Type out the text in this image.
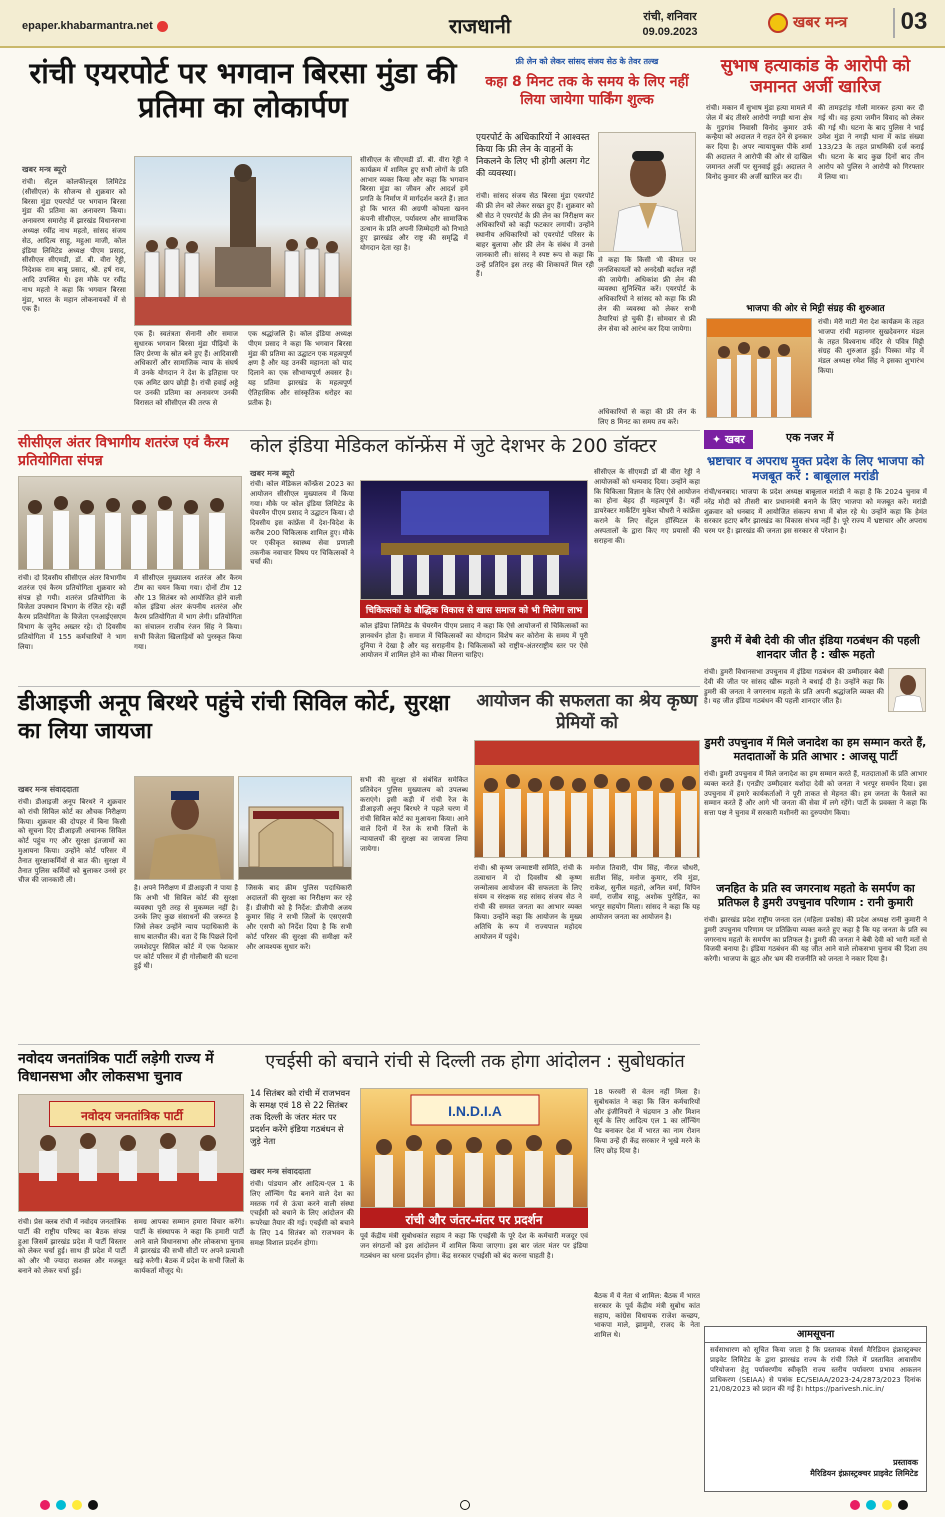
epaper.khabarmantra.net	राजधानी	रांची, शनिवार
09.09.2023
खबर मन्त्र	03
रांची एयरपोर्ट पर भगवान बिरसा मुंडा की प्रतिमा का लोकार्पण
खबर मन्त्र ब्यूरो
रांची। सेंट्रल कोलफील्ड्स लिमिटेड (सीसीएल) के सौजन्य से शुक्रवार को बिरसा मुंडा एयरपोर्ट पर भगवान बिरसा मुंडा की प्रतिमा का अनावरण किया। अनावरण समारोह में झारखंड विधानसभा अध्यक्ष रवींद्र नाथ महतो, सांसद संजय सेठ, आदित्य साहू, महुआ माजी, कोल इंडिया लिमिटेड अध्यक्ष पीएम प्रसाद, सीसीएल सीएमडी, डॉ. बी. वीरा रेड्डी, निदेशक राम बाबू प्रसाद, श्री. हर्ष राय, आदि उपस्थित थे। इस मौके पर रवींद्र नाथ महतो ने कहा कि भगवान बिरसा मुंडा, भारत के महान लोकनायकों में से एक हैं।
एक हैं। स्वतंत्रता सेनानी और समाज सुधारक भगवान बिरसा मुंडा पीढ़ियों के लिए प्रेरणा के स्रोत बने हुए हैं। आदिवासी अधिकारों और सामाजिक न्याय के संघर्ष में उनके योगदान ने देश के इतिहास पर एक अमिट छाप छोड़ी है। रांची हवाई अड्डे पर उनकी प्रतिमा का अनावरण उनकी विरासत को सीसीएल की तरफ से
एक श्रद्धांजलि है। कोल इंडिया अध्यक्ष पीएम प्रसाद ने कहा कि भगवान बिरसा मुंडा की प्रतिमा का उद्घाटन एक महत्वपूर्ण क्षण है और यह उनकी महानता को याद दिलाने का एक सौभाग्यपूर्ण अवसर है। यह प्रतिमा झारखंड के महत्वपूर्ण ऐतिहासिक और सांस्कृतिक धरोहर का प्रतीक है।
सीसीएल के सीएमडी डॉ. बी. वीरा रेड्डी ने कार्यक्रम में शामिल हुए सभी लोगों के प्रति आभार व्यक्त किया और कहा कि भगवान बिरसा मुंडा का जीवन और आदर्श हमें प्रगति के निर्माण में मार्गदर्शन करते हैं। ज्ञात हो कि भारत की अग्रणी कोयला खनन कंपनी सीसीएल, पर्यावरण और सामाजिक उत्थान के प्रति अपनी जिम्मेदारी को निभाते हुए झारखंड और राष्ट्र की समृद्धि में योगदान देता रहा है।
फ्री लेन को लेकर सांसद संजय सेठ के तेवर तल्ख
कहा 8 मिनट तक के समय के लिए नहीं लिया जायेगा पार्किंग शुल्क
एयरपोर्ट के अधिकारियों ने आश्वस्त किया कि फ्री लेन के वाहनों के निकलने के लिए भी होगी अलग गेट की व्यवस्था।
रांची। सांसद संजय सेठ बिरसा मुंडा एयरपोर्ट की फ्री लेन को लेकर सख्त हुए हैं। शुक्रवार को श्री सेठ ने एयरपोर्ट के फ्री लेन का निरीक्षण कर अधिकारियों को कड़ी फटकार लगायी। उन्होंने स्थानीय अधिकारियों को एयरपोर्ट परिसर के बाहर बुलाया और फ्री लेन के संबंध में उनसे जानकारी ली। सांसद ने स्पष्ट रूप से कहा कि उन्हें प्रतिदिन इस तरह की शिकायतें मिल रही हैं।
से कहा कि किसी भी कीमत पर जनशिकायतों को अनदेखी बर्दाश्त नहीं की जायेगी। अधिकांश फ्री लेन की व्यवस्था सुनिश्चित करें। एयरपोर्ट के अधिकारियों ने सांसद को कहा कि फ्री लेन की व्यवस्था को लेकर सभी तैयारियां हो चुकी हैं। सोमवार से फ्री लेन सेवा को आरंभ कर दिया जायेगा।
अधिकारियों से कहा की फ्री लेन के लिए 8 मिनट का समय तय करें।
सुभाष हत्याकांड के आरोपी को जमानत अर्जी खारिज
रांची। मकान मेंं सुभाष मुंडा हत्या मामले में जेल में बंद तीसरे आरोपी नगड़ी थाना क्षेत्र के गुड़गांव निवासी विनोद कुमार उर्फ कन्हैया को अदालत ने राहत देने से इनकार कर दिया है। अपर न्यायायुक्त पीके शर्मा की अदालत ने आरोपी की ओर से दाखिल जमानत अर्जी पर सुनवाई हुई। अदालत ने विनोद कुमार की अर्जी खारिज कर दी।
की तामड़टांड़ गोली मारकर हत्या कर दी गई थी। वह हत्या जमीन विवाद को लेकर की गई थी। घटना के बाद पुलिस ने भाई उमेश मुंडा ने नगड़ी थाना में कांड संख्या 133/23 के तहत प्राथमिकी दर्ज कराई थी। घटना के बाद कुछ दिनों बाद तीन आरोप को पुलिस ने आरोपी को गिरफ्तार में लिया था।
भाजपा की ओर से मिट्टी संग्रह की शुरुआत
रांची। मेरी माटी मेरा देश कार्यक्रम के तहत भाजपा रांची महानगर सुखदेवनगर मंडल के तहत विश्वनाथ मंदिर से पवित्र मिट्टी संग्रह की शुरुआत हुई। पिस्का मोड़ में मंडल अध्यक्ष रमेश सिंह ने इसका शुभारंभ किया।
सीसीएल अंतर विभागीय शतरंज एवं कैरम प्रतियोगिता संपन्न
रांची। दो दिवसीय सीसीएल अंतर विभागीय शतरंज एवं कैरम प्रतियोगिता शुक्रवार को संपन्न हो गयी। शतरंज प्रतियोगिता के विजेता उपस्थान विभाग के रंजित रहे। वहीं कैरम प्रतियोगिता के विजेता एनआईएसएम विभाग के जुनैद अख्तर रहे। दो दिवसीय प्रतियोगिता में 155 कर्मचारियों ने भाग लिया।
में सीसीएल मुख्यालय शतरंज और कैरम टीम का चयन किया गया। दोनों टीम 12 और 13 सितंबर को आयोजित होने वाली कोल इंडिया अंतर कंपनीय शतरंज और कैरम प्रतियोगिता में भाग लेगी। प्रतियोगिता का संचालन राजीव रंजन सिंह ने किया। सभी विजेता खिलाड़ियों को पुरस्कृत किया गया।
कोल इंडिया मेडिकल कॉन्फ्रेंस में जुटे देशभर के 200 डॉक्टर
खबर मन्त्र ब्यूरो
रांची। कोल मेडिकल कॉन्फ्रेंस 2023 का आयोजन सीसीएल मुख्यालय में किया गया। मौके पर कोल इंडिया लिमिटेड के चेयरमैन पीएम प्रसाद ने उद्घाटन किया। दो दिवसीय इस कांफ्रेंस में देश-विदेश के करीब 200 चिकित्सक शामिल हुए। मौके पर एकीकृत स्वास्थ्य सेवा प्रणाली तकनीक नवाचार विषय पर चिकित्सकों ने चर्चा की।
चिकित्सकों के बौद्धिक विकास से खास समाज को भी मिलेगा लाभ
कोल इंडिया लिमिटेड के चेयरमैन पीएम प्रसाद ने कहा कि ऐसे आयोजनों से चिकित्सकों का ज्ञानवर्धन होता है। समाज में चिकित्सकों का योगदान विशेष कर कोरोना के समय में पूरी दुनिया ने देखा है और यह सराहनीय है। चिकित्सकों को राष्ट्रीय-अंतरराष्ट्रीय स्तर पर ऐसे आयोजन में शामिल होने का मौका मिलना चाहिए।
सीसीएल के सीएमडी डॉ बी वीरा रेड्डी ने आयोजकों को धन्यवाद दिया। उन्होंने कहा कि चिकित्सा विज्ञान के लिए ऐसे आयोजन का होना बेहद ही महत्वपूर्ण है। वहीं डायरेक्टर मार्केटिंग मुकेश चौधरी ने कांफ्रेंस कराने के लिए सेंट्रल हॉस्पिटल के अस्पतालों के द्वारा किए गए प्रयासों की सराहना की।
✦ खबर	एक नजर में
भ्रष्टाचार व अपराध मुक्त प्रदेश के लिए भाजपा को मजबूत करें : बाबूलाल मरांडी
रांची/धनबाद। भाजपा के प्रदेश अध्यक्ष बाबूलाल मरांडी ने कहा है कि 2024 चुनाव में नरेंद्र मोदी को तीसरी बार प्रधानमंत्री बनाने के लिए भाजपा को मजबूत करें। मरांडी शुक्रवार को धनबाद में आयोजित संकल्प सभा में बोल रहे थे। उन्होंने कहा कि हेमंत सरकार हटाए बगैर झारखंड का विकास संभव नहीं है। पूरे राज्य में भ्रष्टाचार और अपराध चरम पर है। झारखंड की जनता इस सरकार से परेशान है।
डुमरी में बेबी देवी की जीत इंडिया गठबंधन की पहली शानदार जीत है : खीरू महतो
रांची। डुमरी विधानसभा उपचुनाव में इंडिया गठबंधन की उम्मीदवार बेबी देवी की जीत पर सांसद खीरू महतो ने बधाई दी है। उन्होंने कहा कि डुमरी की जनता ने जगरनाथ महतो के प्रति अपनी श्रद्धांजलि व्यक्त की है। यह जीत इंडिया गठबंधन की पहली शानदार जीत है।
डुमरी उपचुनाव में मिले जनादेश का हम सम्मान करते हैं, मतदाताओं के प्रति आभार : आजसू पार्टी
रांची। डुमरी उपचुनाव में मिले जनादेश का हम सम्मान करते हैं, मतदाताओं के प्रति आभार व्यक्त करते हैं। एनडीए उम्मीदवार यशोदा देवी को जनता ने भरपूर समर्थन दिया। इस उपचुनाव में हमारे कार्यकर्ताओं ने पूरी ताकत से मेहनत की। हम जनता के फैसले का सम्मान करते हैं और आगे भी जनता की सेवा में लगे रहेंगे। पार्टी के प्रवक्ता ने कहा कि सत्ता पक्ष ने चुनाव में सरकारी मशीनरी का दुरुपयोग किया।
जनहित के प्रति स्व जगरनाथ महतो के समर्पण का प्रतिफल है डुमरी उपचुनाव परिणाम : रानी कुमारी
रांची। झारखंड प्रदेश राष्ट्रीय जनता दल (महिला प्रकोष्ठ) की प्रदेश अध्यक्ष रानी कुमारी ने डुमरी उपचुनाव परिणाम पर प्रतिक्रिया व्यक्त करते हुए कहा है कि यह जनता के प्रति स्व जगरनाथ महतो के समर्पण का प्रतिफल है। डुमरी की जनता ने बेबी देवी को भारी मतों से विजयी बनाया है। इंडिया गठबंधन की यह जीत आने वाले लोकसभा चुनाव की दिशा तय करेगी। भाजपा के झूठ और भ्रम की राजनीति को जनता ने नकार दिया है।
डीआइजी अनूप बिरथरे पहुंचे रांची सिविल कोर्ट, सुरक्षा का लिया जायजा
खबर मन्त्र संवाददाता
रांची। डीआइजी अनूप बिरथरे ने शुक्रवार को रांची सिविल कोर्ट का औचक निरीक्षण किया। शुक्रवार की दोपहर में बिना किसी को सूचना दिए डीआइजी अचानक सिविल कोर्ट पहुंच गए और सुरक्षा इंतजामों का मुआयना किया। उन्होंने कोर्ट परिसर में तैनात सुरक्षाकर्मियों से बात की। सुरक्षा में तैनात पुलिस कर्मियों को बुलाकर उनसे हर चीज की जानकारी ली।
है। अपने निरीक्षण में डीआइजी ने पाया है कि अभी भी सिविल कोर्ट की सुरक्षा व्यवस्था पूरी तरह से मुकम्मल नहीं है। उनके लिए कुछ संसाधनों की जरूरत है जिसे लेकर उन्होंने न्याय पदाधिकारी के साथ बातचीत की। वता दें कि पिछले दिनों जमशेदपुर सिविल कोर्ट में एक पेशकार पर कोर्ट परिसर में ही गोलीबारी की घटना हुई थी।
जिसके बाद क्रीम पुलिस पदाधिकारी अदालतों की सुरक्षा का निरीक्षण कर रहे हैं। डीजीपी को है निर्देश: डीजीपी अजय कुमार सिंह ने सभी जिलों के एसएसपी और एसपी को निर्देश दिया है कि सभी कोर्ट परिसर की सुरक्षा की समीक्षा करें और आवश्यक सुधार करें।
सभी की सुरक्षा से संबंधित समेकित प्रतिवेदन पुलिस मुख्यालय को उपलब्ध कराएंगे। इसी कड़ी में रांची रेंज के डीआइजी अनूप बिरथरे ने पहले चरण में रांची सिविल कोर्ट का मुआयना किया। आने वाले दिनों में रेंज के सभी जिलों के न्यायालयों की सुरक्षा का जायजा लिया जायेगा।
आयोजन की सफलता का श्रेय कृष्ण प्रेमियों को
रांची। श्री कृष्ण जन्माष्टमी समिति, रांची के तत्वाधान में दो दिवसीय श्री कृष्ण जन्मोत्सव आयोजन की सफलता के लिए संयम व संरक्षक सह सांसद संजय सेठ ने रांची की समस्त जनता का आभार व्यक्त किया। उन्होंने कहा कि आयोजन के मुख्य अतिथि के रूप में राज्यपाल महोदय आयोजन में पहुंचे।
मनोज तिवारी, पीम सिंह, नीरज चौधरी, सतीश सिंह, मनोज कुमार, रवि मुंडा, राकेश, सुनील महतो, अनिल वर्मा, विपिन वर्मा, राजीव साहू, अशोक पुरोहित, का भरपूर सहयोग मिला। सांसद ने कहा कि यह आयोजन जनता का आयोजन है।
नवोदय जनतांत्रिक पार्टी लड़ेगी राज्य में विधानसभा और लोकसभा चुनाव
नवोदय जनतांत्रिक पार्टी
रांची। प्रेस क्लब रांची में नवोदय जनतांत्रिक पार्टी की राष्ट्रीय परिषद का बैठक संपन्न हुआ जिसमें झारखंड प्रदेश में पार्टी विस्तार को लेकर चर्चा हुई। साथ ही प्रदेश में पार्टी को और भी ज्यादा सशक्त और मजबूत बनाने को लेकर चर्चा हुई।
समग्र आपका सम्मान हमारा विचार करेंगे। पार्टी के संस्थापक ने कहा कि हमारी पार्टी आने वाले विधानसभा और लोकसभा चुनाव में झारखंड की सभी सीटों पर अपने प्रत्याशी खड़े करेगी। बैठक में प्रदेश के सभी जिलों के कार्यकर्ता मौजूद थे।
एचईसी को बचाने रांची से दिल्ली तक होगा आंदोलन : सुबोधकांत
14 सितंबर को रांची में राजभवन के समक्ष एवं 18 से 22 सितंबर तक दिल्ली के जंतर मंतर पर प्रदर्शन करेंगे इंडिया गठबंधन से जुड़े नेता
खबर मन्त्र संवाददाता
रांची। पांडयान और आदित्य-एल 1 के लिए लॉन्चिंग पैड बनाने वाले देश का मस्तक गर्व से ऊंचा करने वाली संस्था एचईसी को बचाने के लिए आंदोलन की रूपरेखा तैयार की गई। एचईसी को बचाने के लिए 14 सितंबर को राजभवन के समक्ष विशाल प्रदर्शन होगा।
I.N.D.I.A
रांची और जंतर-मंतर पर प्रदर्शन
पूर्व केंद्रीय मंत्री सुबोधकांत सहाय ने कहा कि एचईसी के पूरे देश के कर्मचारी मजदूर एवं जन संगठनों को इस आंदोलन में शामिल किया जाएगा। इस बार जंतर मंतर पर इंडिया गठबंधन का धरना प्रदर्शन होगा। केंद्र सरकार एचईसी को बंद करना चाहती है।
18 फरवरी से वेतन नहीं मिला है। सुबोधकांत ने कहा कि जिन कर्मचारियों और इंजीनियरों ने चंद्रयान 3 और मिशन सूर्य के लिए आदित्य एल 1 का लॉन्चिंग पैड बनाकर देश में भारत का नाम रोशन किया उन्हें ही केंद्र सरकार ने भूखे मरने के लिए छोड़ दिया है।
बैठक में ये नेता थे शामिल: बैठक में भारत सरकार के पूर्व केंद्रीय मंत्री सुबोध कांत सहाय, कांग्रेस विधायक राजेश कच्छप, भाकपा माले, झामुमो, राजद के नेता शामिल थे।	आमसूचना
सर्वसाधारण को सूचित किया जाता है कि प्रस्तावक मेसर्स मैरिडियन इंफ्रास्ट्रक्चर प्राइवेट लिमिटेड के द्वारा झारखंड राज्य के रांची जिले में प्रस्तावित आवासीय परियोजना हेतु पर्यावरणीय स्वीकृति राज्य स्तरीय पर्यावरण प्रभाव आकलन प्राधिकरण (SEIAA) से पत्रांक EC/SEIAA/2023-24/2873/2023 दिनांक 21/08/2023 को प्रदान की गई है। https://parivesh.nic.in/
प्रस्तावक
मैरिडियन इंफ्रास्ट्रक्चर प्राइवेट लिमिटेड
